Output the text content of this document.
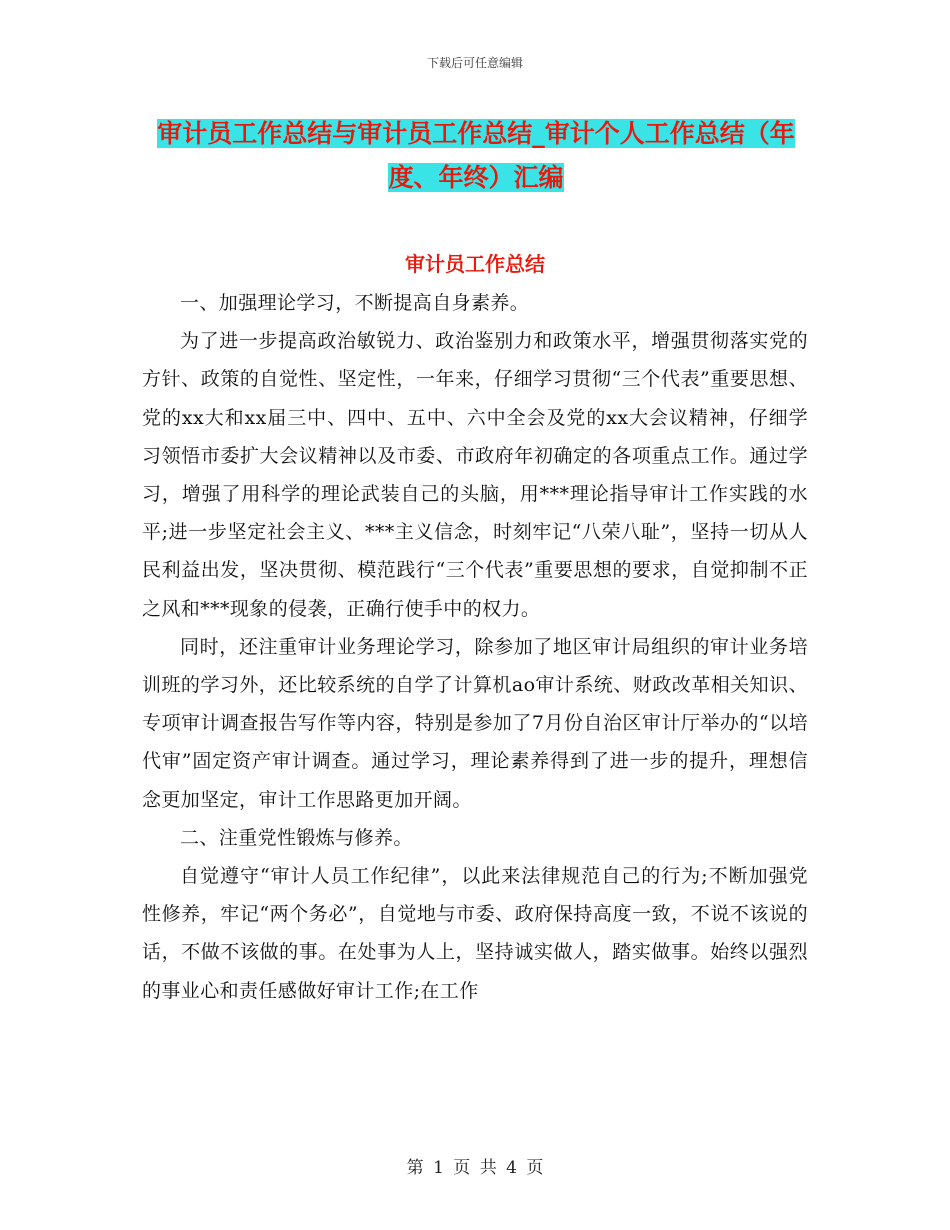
下载后可任意编辑
审计员工作总结与审计员工作总结_审计个人工作总结（年度、年终）汇编
审计员工作总结

一、加强理论学习，不断提高自身素养。

为了进一步提高政治敏锐力、政治鉴别力和政策水平，增强贯彻落实党的方针、政策的自觉性、坚定性，一年来，仔细学习贯彻“三个代表”重要思想、党的xx大和xx届三中、四中、五中、六中全会及党的xx大会议精神，仔细学习领悟市委扩大会议精神以及市委、市政府年初确定的各项重点工作。通过学习，增强了用科学的理论武装自己的头脑，用***理论指导审计工作实践的水平;进一步坚定社会主义、***主义信念，时刻牢记“八荣八耻”，坚持一切从人民利益出发，坚决贯彻、模范践行“三个代表”重要思想的要求，自觉抑制不正之风和***现象的侵袭，正确行使手中的权力。

同时，还注重审计业务理论学习，除参加了地区审计局组织的审计业务培训班的学习外，还比较系统的自学了计算机ao审计系统、财政改革相关知识、专项审计调查报告写作等内容，特别是参加了7月份自治区审计厅举办的“以培代审”固定资产审计调查。通过学习，理论素养得到了进一步的提升，理想信念更加坚定，审计工作思路更加开阔。

二、注重党性锻炼与修养。

自觉遵守“审计人员工作纪律”，以此来法律规范自己的行为;不断加强党性修养，牢记“两个务必”，自觉地与市委、政府保持高度一致，不说不该说的话，不做不该做的事。在处事为人上，坚持诚实做人，踏实做事。始终以强烈的事业心和责任感做好审计工作;在工作

第 1 页 共 4 页
